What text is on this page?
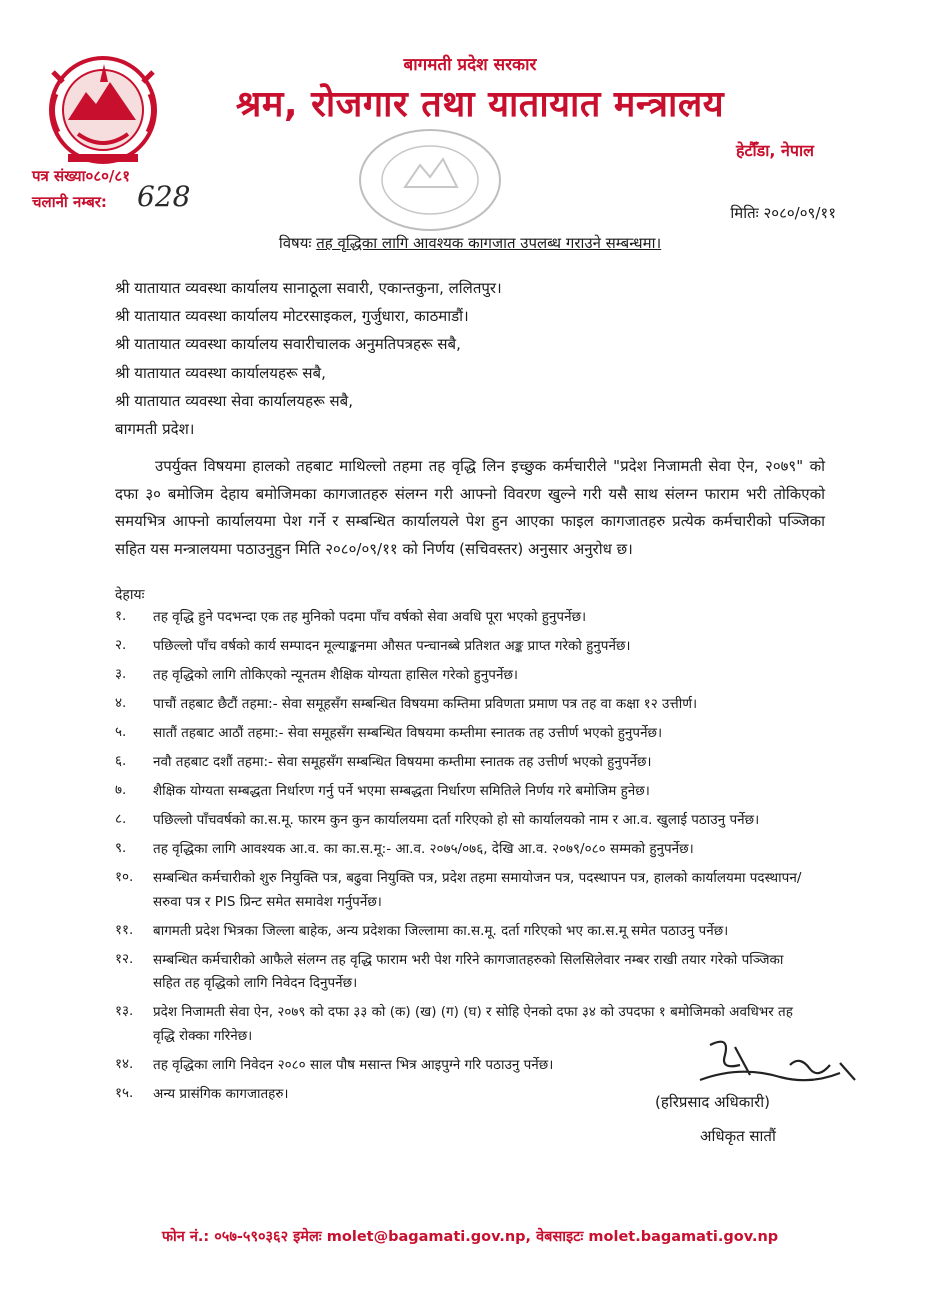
बागमती प्रदेश सरकार
श्रम, रोजगार तथा यातायात मन्त्रालय
हेटौँडा, नेपाल
पत्र संख्या०८०/८१
चलानी नम्बर: 628	मितिः २०८०/०९/११
विषयः तह वृद्धिका लागि आवश्यक कागजात उपलब्ध गराउने सम्बन्धमा।
श्री यातायात व्यवस्था कार्यालय सानाठूला सवारी, एकान्तकुना, ललितपुर।
श्री यातायात व्यवस्था कार्यालय मोटरसाइकल, गुर्जुधारा, काठमाडौं।
श्री यातायात व्यवस्था कार्यालय सवारीचालक अनुमतिपत्रहरू सबै,
श्री यातायात व्यवस्था कार्यालयहरू सबै,
श्री यातायात व्यवस्था सेवा कार्यालयहरू सबै,
बागमती प्रदेश।
उपर्युक्त विषयमा हालको तहबाट माथिल्लो तहमा तह वृद्धि लिन इच्छुक कर्मचारीले "प्रदेश निजामती सेवा ऐन, २०७९" को दफा ३० बमोजिम देहाय बमोजिमका कागजातहरु संलग्न गरी आफ्नो विवरण खुल्ने गरी यसै साथ संलग्न फाराम भरी तोकिएको समयभित्र आफ्नो कार्यालयमा पेश गर्ने र सम्बन्धित कार्यालयले पेश हुन आएका फाइल कागजातहरु प्रत्येक कर्मचारीको पञ्जिका सहित यस मन्त्रालयमा पठाउनुहुन मिति २०८०/०९/११ को निर्णय (सचिवस्तर) अनुसार अनुरोध छ।
देहायः
१.	तह वृद्धि हुने पदभन्दा एक तह मुनिको पदमा पाँच वर्षको सेवा अवधि पूरा भएको हुनुपर्नेछ।
२.	पछिल्लो पाँच वर्षको कार्य सम्पादन मूल्याङ्कनमा औसत पन्चानब्बे प्रतिशत अङ्क प्राप्त गरेको हुनुपर्नेछ।
३.	तह वृद्धिको लागि तोकिएको न्यूनतम शैक्षिक योग्यता हासिल गरेको हुनुपर्नेछ।
४.	पाचौं तहबाट छैटौं तहमा:- सेवा समूहसँग सम्बन्धित विषयमा कम्तिमा प्रविणता प्रमाण पत्र तह वा कक्षा १२ उत्तीर्ण।
५.	सातौं तहबाट आठौं तहमा:- सेवा समूहसँग सम्बन्धित विषयमा कम्तीमा स्नातक तह उत्तीर्ण भएको हुनुपर्नेछ।
६.	नवौ तहबाट दशौं तहमा:- सेवा समूहसँग सम्बन्धित विषयमा कम्तीमा स्नातक तह उत्तीर्ण भएको हुनुपर्नेछ।
७.	शैक्षिक योग्यता सम्बद्धता निर्धारण गर्नु पर्ने भएमा सम्बद्धता निर्धारण समितिले निर्णय गरे बमोजिम हुनेछ।
८.	पछिल्लो पाँचवर्षको का.स.मू. फारम कुन कुन कार्यालयमा दर्ता गरिएको हो सो कार्यालयको नाम र आ.व. खुलाई पठाउनु पर्नेछ।
९.	तह वृद्धिका लागि आवश्यक आ.व. का का.स.मू:- आ.व. २०७५/०७६, देखि आ.व. २०७९/०८० सम्मको हुनुपर्नेछ।
१०.	सम्बन्धित कर्मचारीको शुरु नियुक्ति पत्र, बढुवा नियुक्ति पत्र, प्रदेश तहमा समायोजन पत्र, पदस्थापन पत्र, हालको कार्यालयमा पदस्थापन/सरुवा पत्र र PIS प्रिन्ट समेत समावेश गर्नुपर्नेछ।
११.	बागमती प्रदेश भित्रका जिल्ला बाहेक, अन्य प्रदेशका जिल्लामा का.स.मू. दर्ता गरिएको भए का.स.मू समेत पठाउनु पर्नेछ।
१२.	सम्बन्धित कर्मचारीको आफैले संलग्न तह वृद्धि फाराम भरी पेश गरिने कागजातहरुको सिलसिलेवार नम्बर राखी तयार गरेको पञ्जिका सहित तह वृद्धिको लागि निवेदन दिनुपर्नेछ।
१३.	प्रदेश निजामती सेवा ऐन, २०७९ को दफा ३३ को (क) (ख) (ग) (घ) र सोहि ऐनको दफा ३४ को उपदफा १ बमोजिमको अवधिभर तह वृद्धि रोक्का गरिनेछ।
१४.	तह वृद्धिका लागि निवेदन २०८० साल पौष मसान्त भित्र आइपुग्ने गरि पठाउनु पर्नेछ।
१५.	अन्य प्रासंगिक कागजातहरु।	(हरिप्रसाद अधिकारी)
अधिकृत सातौं
फोन नं.: ०५७-५९०३६२ इमेलः molet@bagamati.gov.np, वेबसाइटः molet.bagamati.gov.np
